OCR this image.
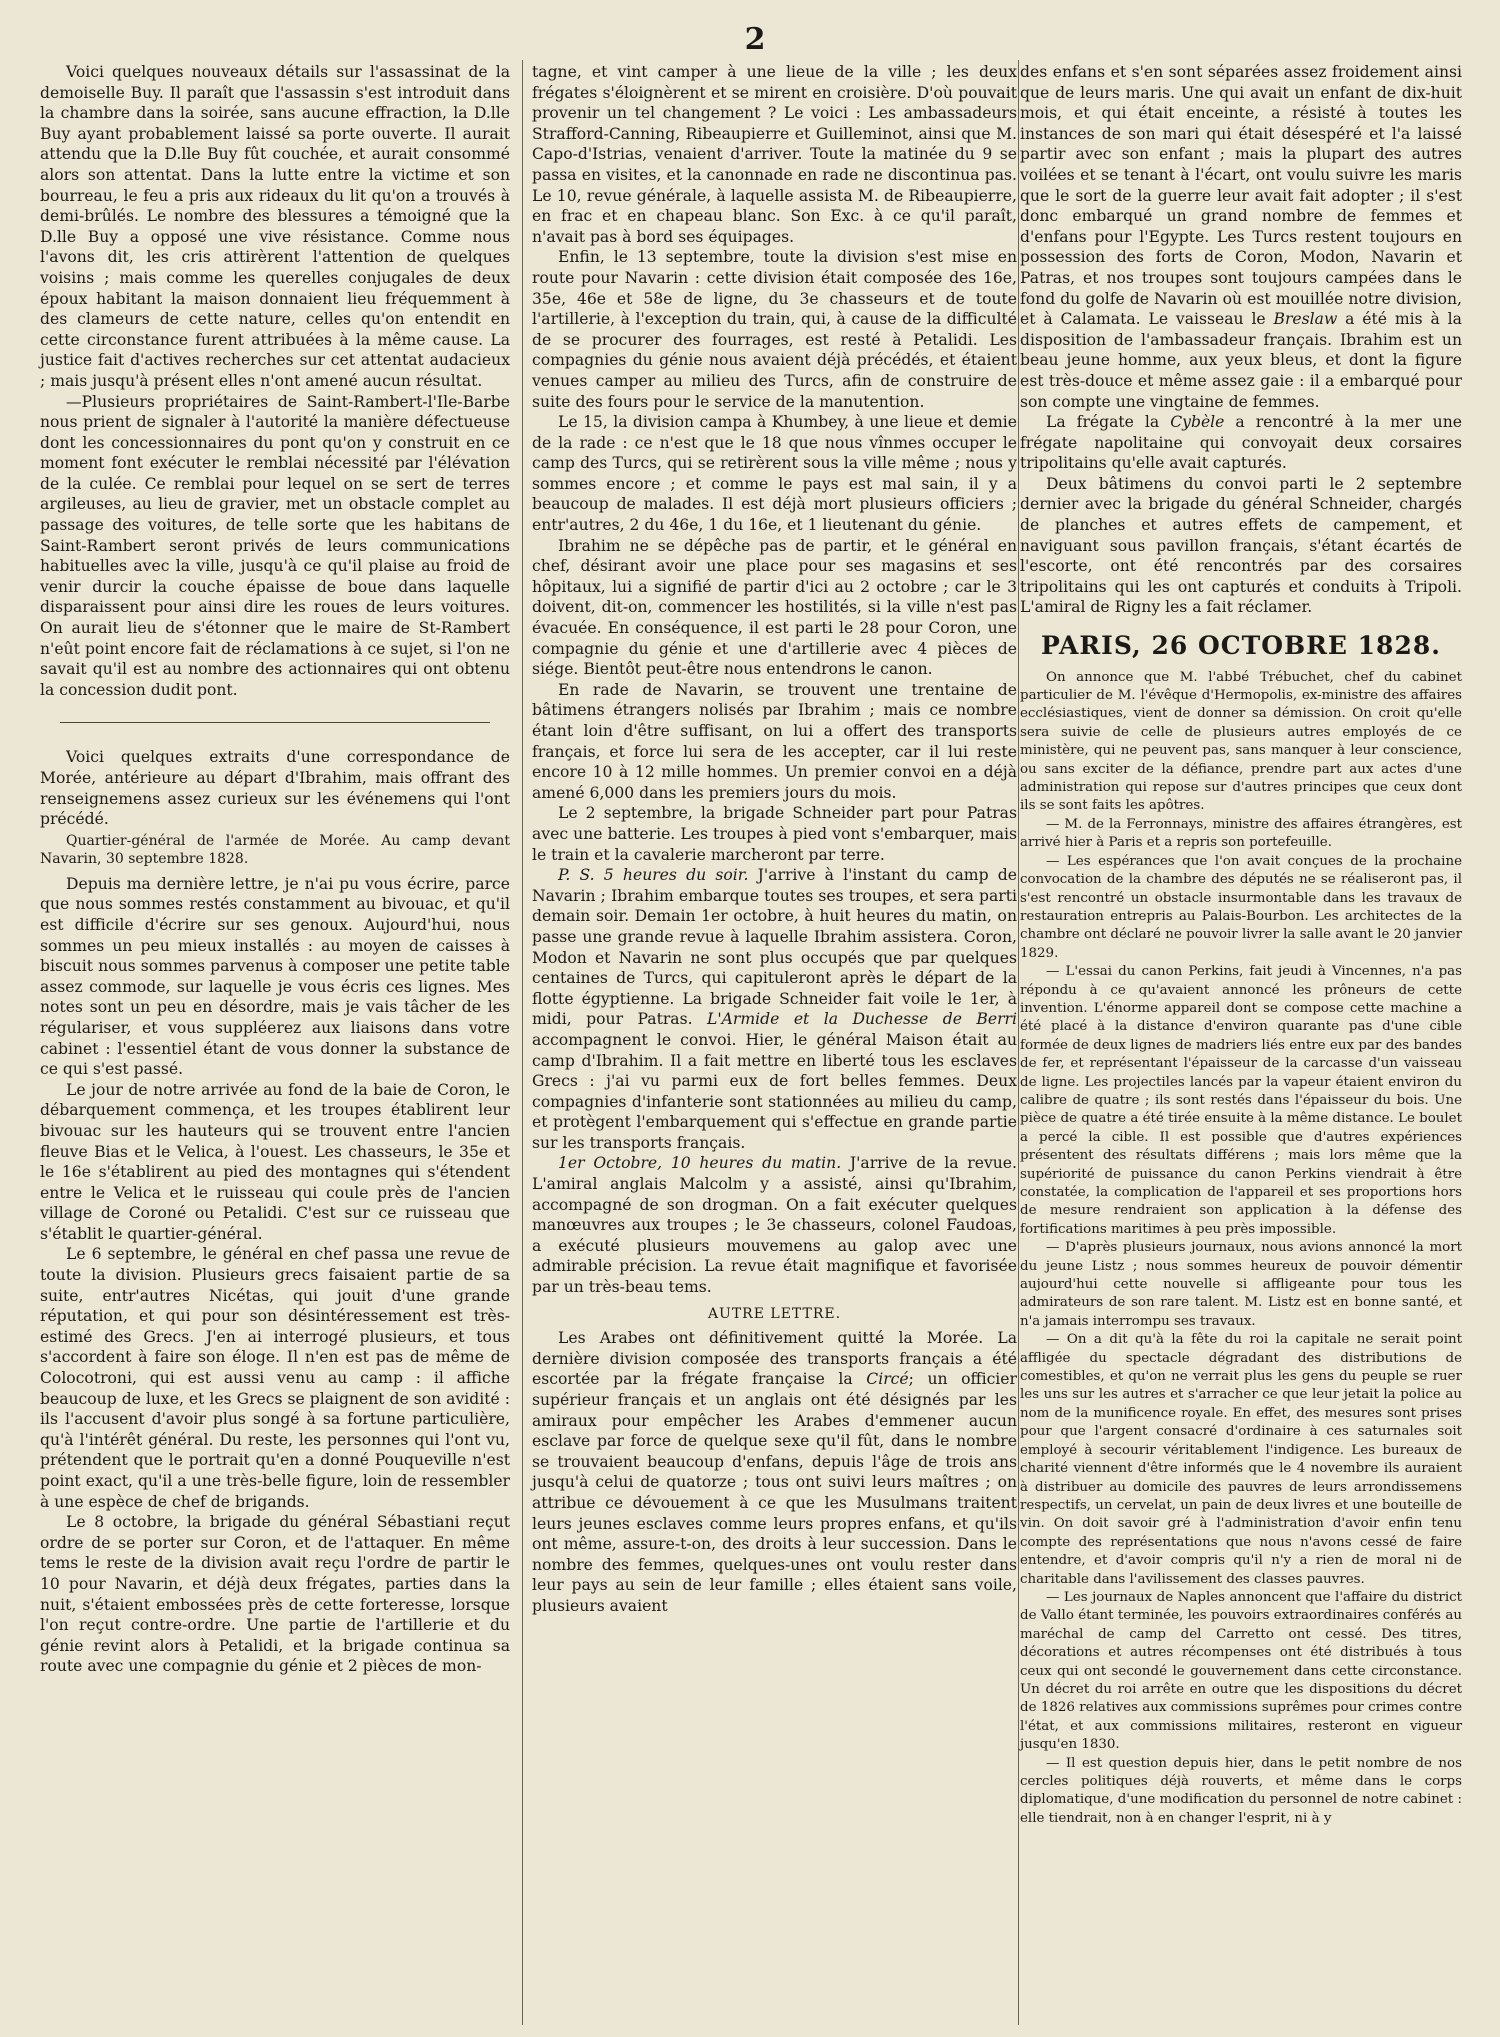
2

Voici quelques nouveaux détails sur l'assassinat de la demoiselle Buy. Il paraît que l'assassin s'est introduit dans la chambre dans la soirée, sans aucune effraction, la D.lle Buy ayant probablement laissé sa porte ouverte. Il aurait attendu que la D.lle Buy fût couchée, et aurait consommé alors son attentat. Dans la lutte entre la victime et son bourreau, le feu a pris aux rideaux du lit qu'on a trouvés à demi-brûlés. Le nombre des blessures a témoigné que la D.lle Buy a opposé une vive résistance. Comme nous l'avons dit, les cris attirèrent l'attention de quelques voisins ; mais comme les querelles conjugales de deux époux habitant la maison donnaient lieu fréquemment à des clameurs de cette nature, celles qu'on entendit en cette circonstance furent attribuées à la même cause. La justice fait d'actives recherches sur cet attentat audacieux ; mais jusqu'à présent elles n'ont amené aucun résultat.

—Plusieurs propriétaires de Saint-Rambert-l'Ile-Barbe nous prient de signaler à l'autorité la manière défectueuse dont les concessionnaires du pont qu'on y construit en ce moment font exécuter le remblai nécessité par l'élévation de la culée. Ce remblai pour lequel on se sert de terres argileuses, au lieu de gravier, met un obstacle complet au passage des voitures, de telle sorte que les habitans de Saint-Rambert seront privés de leurs communications habituelles avec la ville, jusqu'à ce qu'il plaise au froid de venir durcir la couche épaisse de boue dans laquelle disparaissent pour ainsi dire les roues de leurs voitures. On aurait lieu de s'étonner que le maire de St-Rambert n'eût point encore fait de réclamations à ce sujet, si l'on ne savait qu'il est au nombre des actionnaires qui ont obtenu la concession dudit pont.

Voici quelques extraits d'une correspondance de Morée, antérieure au départ d'Ibrahim, mais offrant des renseignemens assez curieux sur les événemens qui l'ont précédé.

Quartier-général de l'armée de Morée. Au camp devant Navarin, 30 septembre 1828.

Depuis ma dernière lettre, je n'ai pu vous écrire, parce que nous sommes restés constamment au bivouac, et qu'il est difficile d'écrire sur ses genoux. Aujourd'hui, nous sommes un peu mieux installés : au moyen de caisses à biscuit nous sommes parvenus à composer une petite table assez commode, sur laquelle je vous écris ces lignes. Mes notes sont un peu en désordre, mais je vais tâcher de les régulariser, et vous suppléerez aux liaisons dans votre cabinet : l'essentiel étant de vous donner la substance de ce qui s'est passé.

Le jour de notre arrivée au fond de la baie de Coron, le débarquement commença, et les troupes établirent leur bivouac sur les hauteurs qui se trouvent entre l'ancien fleuve Bias et le Velica, à l'ouest. Les chasseurs, le 35e et le 16e s'établirent au pied des montagnes qui s'étendent entre le Velica et le ruisseau qui coule près de l'ancien village de Coroné ou Petalidi. C'est sur ce ruisseau que s'établit le quartier-général.

Le 6 septembre, le général en chef passa une revue de toute la division. Plusieurs grecs faisaient partie de sa suite, entr'autres Nicétas, qui jouit d'une grande réputation, et qui pour son désintéressement est très-estimé des Grecs. J'en ai interrogé plusieurs, et tous s'accordent à faire son éloge. Il n'en est pas de même de Colocotroni, qui est aussi venu au camp : il affiche beaucoup de luxe, et les Grecs se plaignent de son avidité : ils l'accusent d'avoir plus songé à sa fortune particulière, qu'à l'intérêt général. Du reste, les personnes qui l'ont vu, prétendent que le portrait qu'en a donné Pouqueville n'est point exact, qu'il a une très-belle figure, loin de ressembler à une espèce de chef de brigands.

Le 8 octobre, la brigade du général Sébastiani reçut ordre de se porter sur Coron, et de l'attaquer. En même tems le reste de la division avait reçu l'ordre de partir le 10 pour Navarin, et déjà deux frégates, parties dans la nuit, s'étaient embossées près de cette forteresse, lorsque l'on reçut contre-ordre. Une partie de l'artillerie et du génie revint alors à Petalidi, et la brigade continua sa route avec une compagnie du génie et 2 pièces de mon-

tagne, et vint camper à une lieue de la ville ; les deux frégates s'éloignèrent et se mirent en croisière. D'où pouvait provenir un tel changement ? Le voici : Les ambassadeurs Strafford-Canning, Ribeaupierre et Guilleminot, ainsi que M. Capo-d'Istrias, venaient d'arriver. Toute la matinée du 9 se passa en visites, et la canonnade en rade ne discontinua pas. Le 10, revue générale, à laquelle assista M. de Ribeaupierre, en frac et en chapeau blanc. Son Exc. à ce qu'il paraît, n'avait pas à bord ses équipages.

Enfin, le 13 septembre, toute la division s'est mise en route pour Navarin : cette division était composée des 16e, 35e, 46e et 58e de ligne, du 3e chasseurs et de toute l'artillerie, à l'exception du train, qui, à cause de la difficulté de se procurer des fourrages, est resté à Petalidi. Les compagnies du génie nous avaient déjà précédés, et étaient venues camper au milieu des Turcs, afin de construire de suite des fours pour le service de la manutention.

Le 15, la division campa à Khumbey, à une lieue et demie de la rade : ce n'est que le 18 que nous vînmes occuper le camp des Turcs, qui se retirèrent sous la ville même ; nous y sommes encore ; et comme le pays est mal sain, il y a beaucoup de malades. Il est déjà mort plusieurs officiers ; entr'autres, 2 du 46e, 1 du 16e, et 1 lieutenant du génie.

Ibrahim ne se dépêche pas de partir, et le général en chef, désirant avoir une place pour ses magasins et ses hôpitaux, lui a signifié de partir d'ici au 2 octobre ; car le 3 doivent, dit-on, commencer les hostilités, si la ville n'est pas évacuée. En conséquence, il est parti le 28 pour Coron, une compagnie du génie et une d'artillerie avec 4 pièces de siége. Bientôt peut-être nous entendrons le canon.

En rade de Navarin, se trouvent une trentaine de bâtimens étrangers nolisés par Ibrahim ; mais ce nombre étant loin d'être suffisant, on lui a offert des transports français, et force lui sera de les accepter, car il lui reste encore 10 à 12 mille hommes. Un premier convoi en a déjà amené 6,000 dans les premiers jours du mois.

Le 2 septembre, la brigade Schneider part pour Patras avec une batterie. Les troupes à pied vont s'embarquer, mais le train et la cavalerie marcheront par terre.

P. S. 5 heures du soir. J'arrive à l'instant du camp de Navarin ; Ibrahim embarque toutes ses troupes, et sera parti demain soir. Demain 1er octobre, à huit heures du matin, on passe une grande revue à laquelle Ibrahim assistera. Coron, Modon et Navarin ne sont plus occupés que par quelques centaines de Turcs, qui capituleront après le départ de la flotte égyptienne. La brigade Schneider fait voile le 1er, à midi, pour Patras. L'Armide et la Duchesse de Berri accompagnent le convoi. Hier, le général Maison était au camp d'Ibrahim. Il a fait mettre en liberté tous les esclaves Grecs : j'ai vu parmi eux de fort belles femmes. Deux compagnies d'infanterie sont stationnées au milieu du camp, et protègent l'embarquement qui s'effectue en grande partie sur les transports français.

1er Octobre, 10 heures du matin. J'arrive de la revue. L'amiral anglais Malcolm y a assisté, ainsi qu'Ibrahim, accompagné de son drogman. On a fait exécuter quelques manœuvres aux troupes ; le 3e chasseurs, colonel Faudoas, a exécuté plusieurs mouvemens au galop avec une admirable précision. La revue était magnifique et favorisée par un très-beau tems.

AUTRE LETTRE.

Les Arabes ont définitivement quitté la Morée. La dernière division composée des transports français a été escortée par la frégate française la Circé; un officier supérieur français et un anglais ont été désignés par les amiraux pour empêcher les Arabes d'emmener aucun esclave par force de quelque sexe qu'il fût, dans le nombre se trouvaient beaucoup d'enfans, depuis l'âge de trois ans jusqu'à celui de quatorze ; tous ont suivi leurs maîtres ; on attribue ce dévouement à ce que les Musulmans traitent leurs jeunes esclaves comme leurs propres enfans, et qu'ils ont même, assure-t-on, des droits à leur succession. Dans le nombre des femmes, quelques-unes ont voulu rester dans leur pays au sein de leur famille ; elles étaient sans voile, plusieurs avaient

des enfans et s'en sont séparées assez froidement ainsi que de leurs maris. Une qui avait un enfant de dix-huit mois, et qui était enceinte, a résisté à toutes les instances de son mari qui était désespéré et l'a laissé partir avec son enfant ; mais la plupart des autres voilées et se tenant à l'écart, ont voulu suivre les maris que le sort de la guerre leur avait fait adopter ; il s'est donc embarqué un grand nombre de femmes et d'enfans pour l'Egypte. Les Turcs restent toujours en possession des forts de Coron, Modon, Navarin et Patras, et nos troupes sont toujours campées dans le fond du golfe de Navarin où est mouillée notre division, et à Calamata. Le vaisseau le Breslaw a été mis à la disposition de l'ambassadeur français. Ibrahim est un beau jeune homme, aux yeux bleus, et dont la figure est très-douce et même assez gaie : il a embarqué pour son compte une vingtaine de femmes.

La frégate la Cybèle a rencontré à la mer une frégate napolitaine qui convoyait deux corsaires tripolitains qu'elle avait capturés.

Deux bâtimens du convoi parti le 2 septembre dernier avec la brigade du général Schneider, chargés de planches et autres effets de campement, et naviguant sous pavillon français, s'étant écartés de l'escorte, ont été rencontrés par des corsaires tripolitains qui les ont capturés et conduits à Tripoli. L'amiral de Rigny les a fait réclamer.

PARIS, 26 OCTOBRE 1828.

On annonce que M. l'abbé Trébuchet, chef du cabinet particulier de M. l'évêque d'Hermopolis, ex-ministre des affaires ecclésiastiques, vient de donner sa démission. On croit qu'elle sera suivie de celle de plusieurs autres employés de ce ministère, qui ne peuvent pas, sans manquer à leur conscience, ou sans exciter de la défiance, prendre part aux actes d'une administration qui repose sur d'autres principes que ceux dont ils se sont faits les apôtres.

— M. de la Ferronnays, ministre des affaires étrangères, est arrivé hier à Paris et a repris son portefeuille.

— Les espérances que l'on avait conçues de la prochaine convocation de la chambre des députés ne se réaliseront pas, il s'est rencontré un obstacle insurmontable dans les travaux de restauration entrepris au Palais-Bourbon. Les architectes de la chambre ont déclaré ne pouvoir livrer la salle avant le 20 janvier 1829.

— L'essai du canon Perkins, fait jeudi à Vincennes, n'a pas répondu à ce qu'avaient annoncé les prôneurs de cette invention. L'énorme appareil dont se compose cette machine a été placé à la distance d'environ quarante pas d'une cible formée de deux lignes de madriers liés entre eux par des bandes de fer, et représentant l'épaisseur de la carcasse d'un vaisseau de ligne. Les projectiles lancés par la vapeur étaient environ du calibre de quatre ; ils sont restés dans l'épaisseur du bois. Une pièce de quatre a été tirée ensuite à la même distance. Le boulet a percé la cible. Il est possible que d'autres expériences présentent des résultats différens ; mais lors même que la supériorité de puissance du canon Perkins viendrait à être constatée, la complication de l'appareil et ses proportions hors de mesure rendraient son application à la défense des fortifications maritimes à peu près impossible.

— D'après plusieurs journaux, nous avions annoncé la mort du jeune Listz ; nous sommes heureux de pouvoir démentir aujourd'hui cette nouvelle si affligeante pour tous les admirateurs de son rare talent. M. Listz est en bonne santé, et n'a jamais interrompu ses travaux.

— On a dit qu'à la fête du roi la capitale ne serait point affligée du spectacle dégradant des distributions de comestibles, et qu'on ne verrait plus les gens du peuple se ruer les uns sur les autres et s'arracher ce que leur jetait la police au nom de la munificence royale. En effet, des mesures sont prises pour que l'argent consacré d'ordinaire à ces saturnales soit employé à secourir véritablement l'indigence. Les bureaux de charité viennent d'être informés que le 4 novembre ils auraient à distribuer au domicile des pauvres de leurs arrondissemens respectifs, un cervelat, un pain de deux livres et une bouteille de vin. On doit savoir gré à l'administration d'avoir enfin tenu compte des représentations que nous n'avons cessé de faire entendre, et d'avoir compris qu'il n'y a rien de moral ni de charitable dans l'avilissement des classes pauvres.

— Les journaux de Naples annoncent que l'affaire du district de Vallo étant terminée, les pouvoirs extraordinaires conférés au maréchal de camp del Carretto ont cessé. Des titres, décorations et autres récompenses ont été distribués à tous ceux qui ont secondé le gouvernement dans cette circonstance. Un décret du roi arrête en outre que les dispositions du décret de 1826 relatives aux commissions suprêmes pour crimes contre l'état, et aux commissions militaires, resteront en vigueur jusqu'en 1830.

— Il est question depuis hier, dans le petit nombre de nos cercles politiques déjà rouverts, et même dans le corps diplomatique, d'une modification du personnel de notre cabinet : elle tiendrait, non à en changer l'esprit, ni à y
